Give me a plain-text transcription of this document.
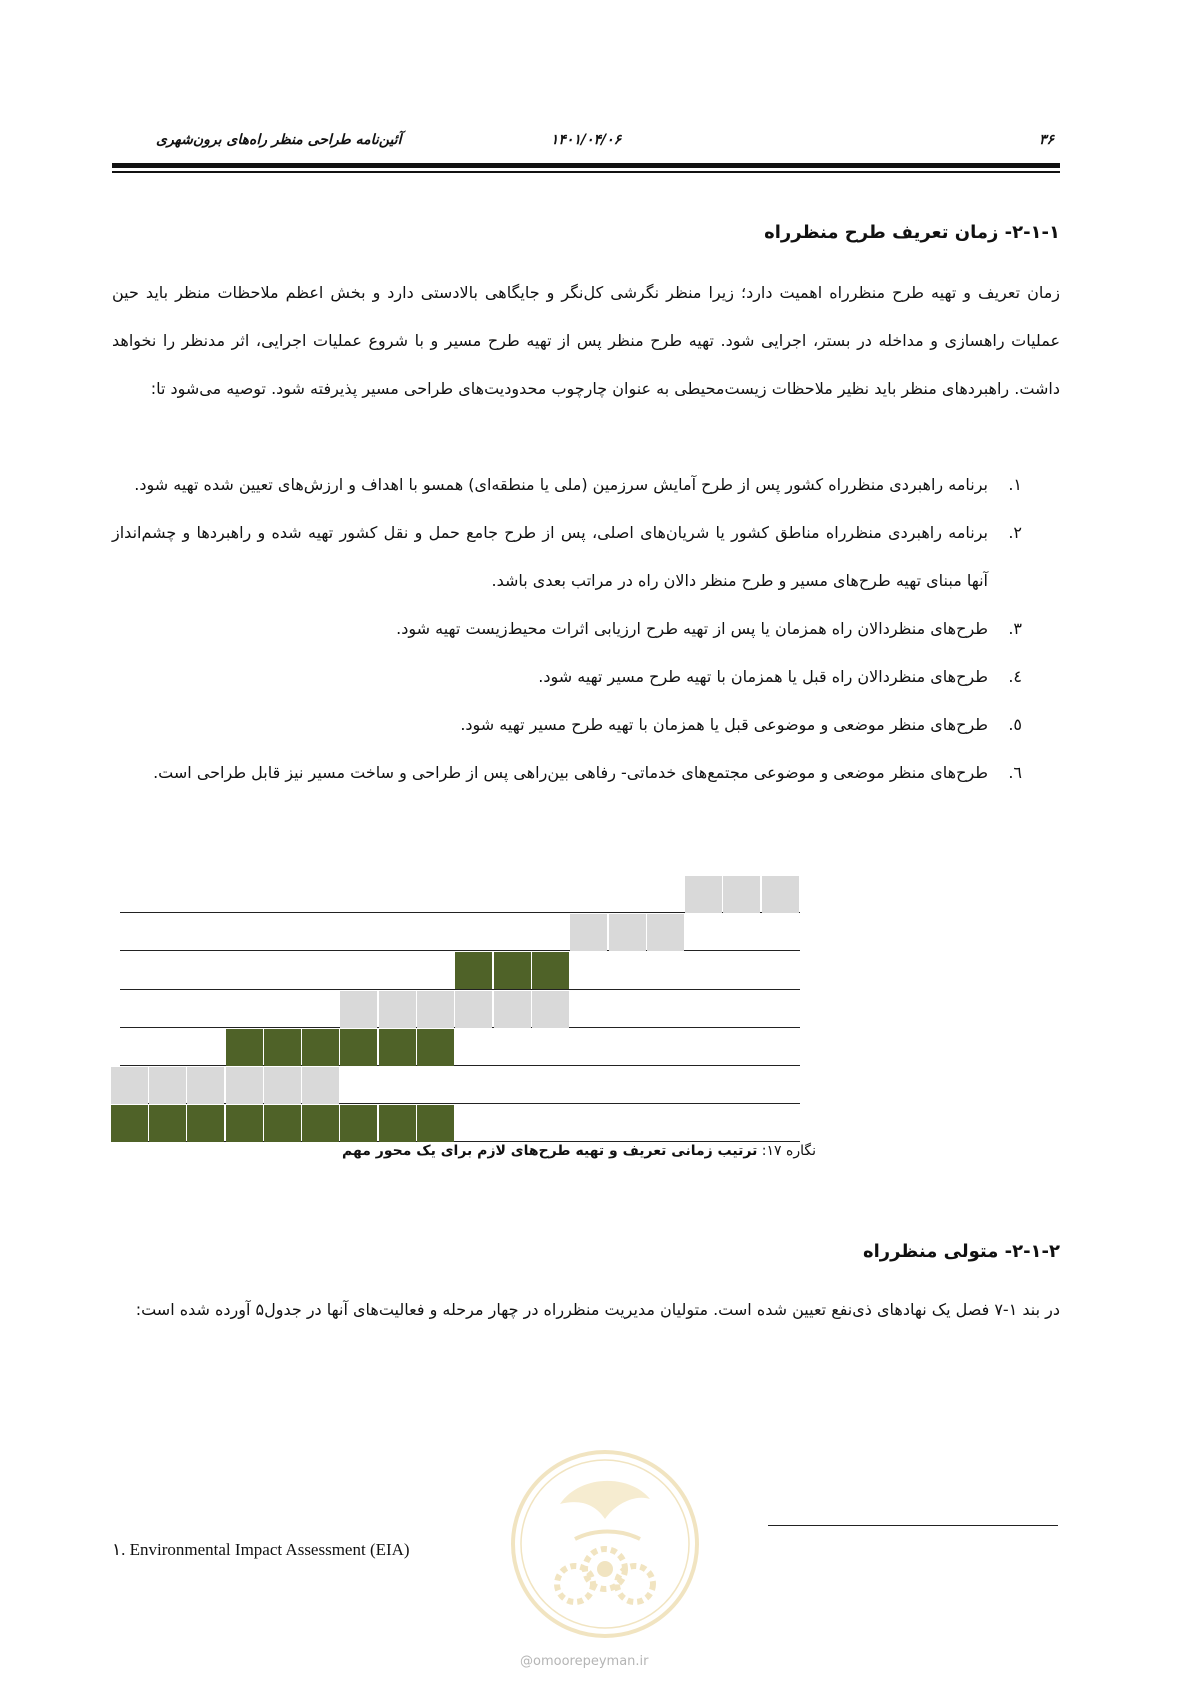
۳۶
۱۴۰۱/۰۴/۰۶
آئین‌نامه طراحی منظر راه‌های برون‌شهری
۲-۱-۱- زمان تعریف طرح منظرراه
زمان تعریف و تهیه طرح منظرراه اهمیت دارد؛ زیرا منظر نگرشی کل‌نگر و جایگاهی بالادستی دارد و بخش اعظم ملاحظات منظر باید حین عملیات راهسازی و مداخله در بستر، اجرایی شود. تهیه طرح منظر پس از تهیه طرح مسیر و با شروع عملیات اجرایی، اثر مدنظر را نخواهد داشت. راهبردهای منظر باید نظیر ملاحظات زیست‌محیطی به عنوان چارچوب محدودیت‌های طراحی مسیر پذیرفته شود. توصیه می‌شود تا:
۱.
برنامه راهبردی منظرراه کشور پس از طرح آمایش سرزمین (ملی یا منطقه‌ای) همسو با اهداف و ارزش‌های تعیین شده تهیه شود.
۲.
برنامه راهبردی منظرراه مناطق کشور یا شریان‌های اصلی، پس از طرح جامع حمل و نقل کشور تهیه شده و راهبردها و چشم‌انداز آنها مبنای تهیه طرح‌های مسیر و طرح منظر دالان راه در مراتب بعدی باشد.
۳.
طرح‌های منظردالان راه همزمان یا پس از تهیه طرح ارزیابی اثرات محیط‌زیست تهیه شود.
٤.
طرح‌های منظردالان راه قبل یا همزمان با تهیه طرح مسیر تهیه شود.
٥.
طرح‌های منظر موضعی و موضوعی قبل یا همزمان با تهیه طرح مسیر تهیه شود.
٦.
طرح‌های منظر موضعی و موضوعی مجتمع‌های خدماتی- رفاهی بین‌راهی پس از طراحی و ساخت مسیر نیز قابل طراحی است.
نگاره ۱۷: ترتیب زمانی تعریف و تهیه طرح‌های لازم برای یک محور مهم
۲-۱-۲- متولی منظرراه
در بند ۱-۷ فصل یک نهادهای ذی‌نفع تعیین شده است. متولیان مدیریت منظرراه در چهار مرحله و فعالیت‌های آنها در جدول۵ آورده شده است:
۱. Environmental Impact Assessment (EIA)
@omoorepeyman.ir
